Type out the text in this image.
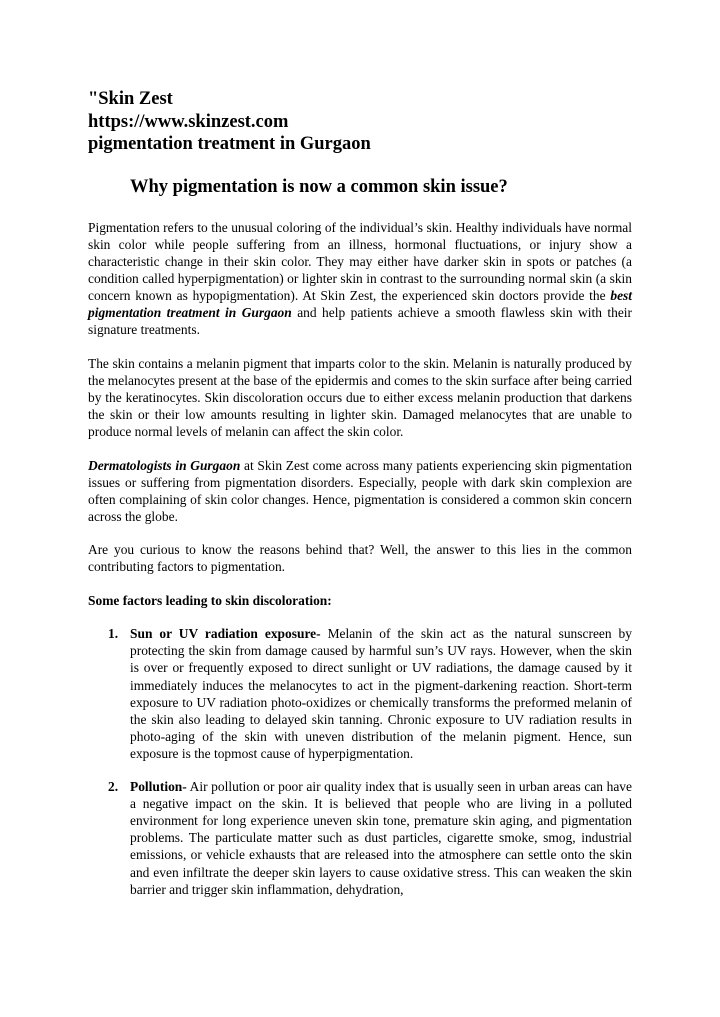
"Skin Zest
https://www.skinzest.com
pigmentation treatment in Gurgaon
Why pigmentation is now a common skin issue?

Pigmentation refers to the unusual coloring of the individual’s skin. Healthy individuals have normal skin color while people suffering from an illness, hormonal fluctuations, or injury show a characteristic change in their skin color. They may either have darker skin in spots or patches (a condition called hyperpigmentation) or lighter skin in contrast to the surrounding normal skin (a skin concern known as hypopigmentation). At Skin Zest, the experienced skin doctors provide the best pigmentation treatment in Gurgaon and help patients achieve a smooth flawless skin with their signature treatments.

The skin contains a melanin pigment that imparts color to the skin. Melanin is naturally produced by the melanocytes present at the base of the epidermis and comes to the skin surface after being carried by the keratinocytes. Skin discoloration occurs due to either excess melanin production that darkens the skin or their low amounts resulting in lighter skin. Damaged melanocytes that are unable to produce normal levels of melanin can affect the skin color.

Dermatologists in Gurgaon at Skin Zest come across many patients experiencing skin pigmentation issues or suffering from pigmentation disorders. Especially, people with dark skin complexion are often complaining of skin color changes. Hence, pigmentation is considered a common skin concern across the globe.

Are you curious to know the reasons behind that? Well, the answer to this lies in the common contributing factors to pigmentation.

Some factors leading to skin discoloration:

1. Sun or UV radiation exposure- Melanin of the skin act as the natural sunscreen by protecting the skin from damage caused by harmful sun’s UV rays. However, when the skin is over or frequently exposed to direct sunlight or UV radiations, the damage caused by it immediately induces the melanocytes to act in the pigment-darkening reaction. Short-term exposure to UV radiation photo-oxidizes or chemically transforms the preformed melanin of the skin also leading to delayed skin tanning. Chronic exposure to UV radiation results in photo-aging of the skin with uneven distribution of the melanin pigment. Hence, sun exposure is the topmost cause of hyperpigmentation.
2. Pollution- Air pollution or poor air quality index that is usually seen in urban areas can have a negative impact on the skin. It is believed that people who are living in a polluted environment for long experience uneven skin tone, premature skin aging, and pigmentation problems. The particulate matter such as dust particles, cigarette smoke, smog, industrial emissions, or vehicle exhausts that are released into the atmosphere can settle onto the skin and even infiltrate the deeper skin layers to cause oxidative stress. This can weaken the skin barrier and trigger skin inflammation, dehydration,
